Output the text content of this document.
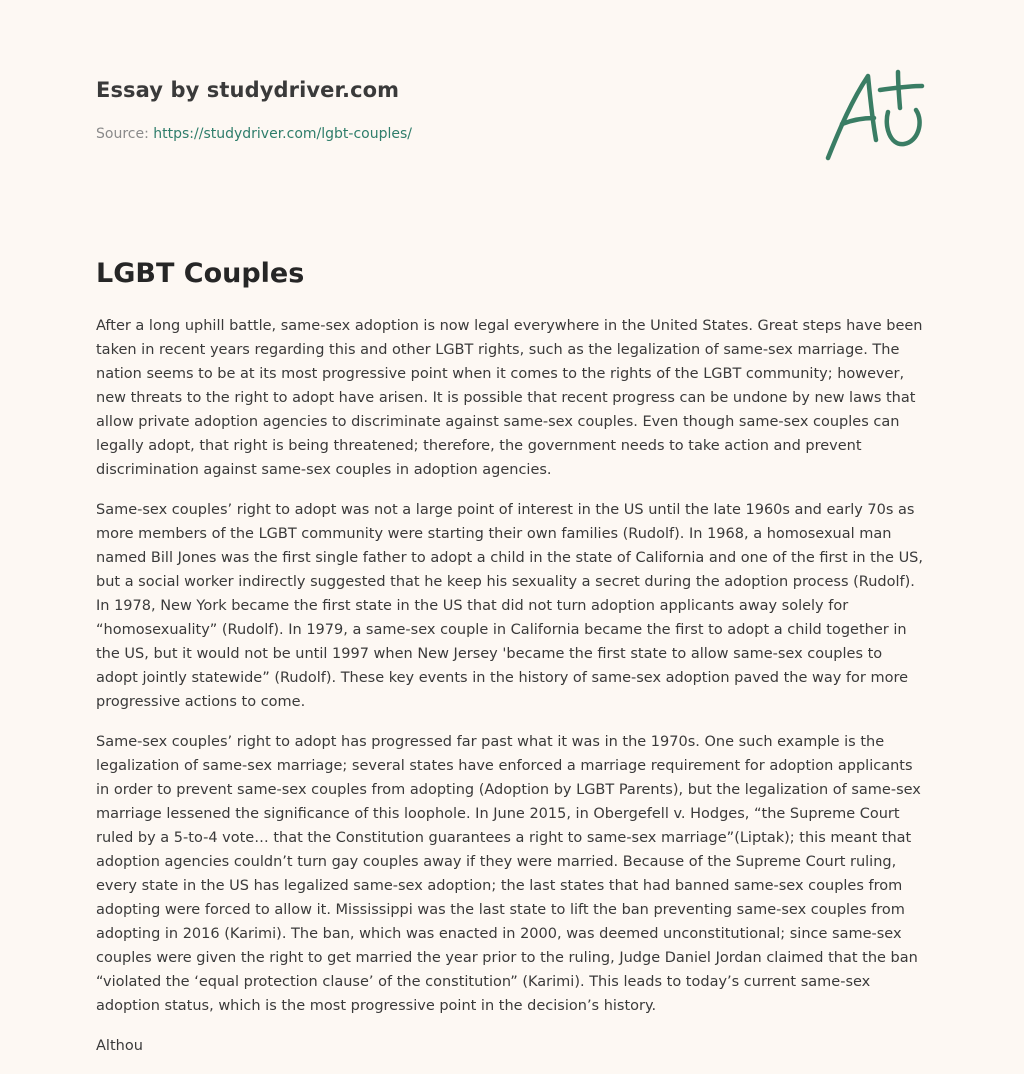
Essay by studydriver.com
Source: https://studydriver.com/lgbt-couples/
LGBT Couples

After a long uphill battle, same-sex adoption is now legal everywhere in the United States. Great steps have been taken in recent years regarding this and other LGBT rights, such as the legalization of same-sex marriage. The nation seems to be at its most progressive point when it comes to the rights of the LGBT community; however, new threats to the right to adopt have arisen. It is possible that recent progress can be undone by new laws that allow private adoption agencies to discriminate against same-sex couples. Even though same-sex couples can legally adopt, that right is being threatened; therefore, the government needs to take action and prevent discrimination against same-sex couples in adoption agencies.

Same-sex couples’ right to adopt was not a large point of interest in the US until the late 1960s and early 70s as more members of the LGBT community were starting their own families (Rudolf). In 1968, a homosexual man named Bill Jones was the first single father to adopt a child in the state of California and one of the first in the US, but a social worker indirectly suggested that he keep his sexuality a secret during the adoption process (Rudolf). In 1978, New York became the first state in the US that did not turn adoption applicants away solely for “homosexuality” (Rudolf). In 1979, a same-sex couple in California became the first to adopt a child together in the US, but it would not be until 1997 when New Jersey 'became the first state to allow same-sex couples to adopt jointly statewide” (Rudolf). These key events in the history of same-sex adoption paved the way for more progressive actions to come.

Same-sex couples’ right to adopt has progressed far past what it was in the 1970s. One such example is the legalization of same-sex marriage; several states have enforced a marriage requirement for adoption applicants in order to prevent same-sex couples from adopting (Adoption by LGBT Parents), but the legalization of same-sex marriage lessened the significance of this loophole. In June 2015, in Obergefell v. Hodges, “the Supreme Court ruled by a 5-to-4 vote… that the Constitution guarantees a right to same-sex marriage”(Liptak); this meant that adoption agencies couldn’t turn gay couples away if they were married. Because of the Supreme Court ruling, every state in the US has legalized same-sex adoption; the last states that had banned same-sex couples from adopting were forced to allow it. Mississippi was the last state to lift the ban preventing same-sex couples from adopting in 2016 (Karimi). The ban, which was enacted in 2000, was deemed unconstitutional; since same-sex couples were given the right to get married the year prior to the ruling, Judge Daniel Jordan claimed that the ban “violated the ‘equal protection clause’ of the constitution” (Karimi). This leads to today’s current same-sex adoption status, which is the most progressive point in the decision’s history.

Althou
